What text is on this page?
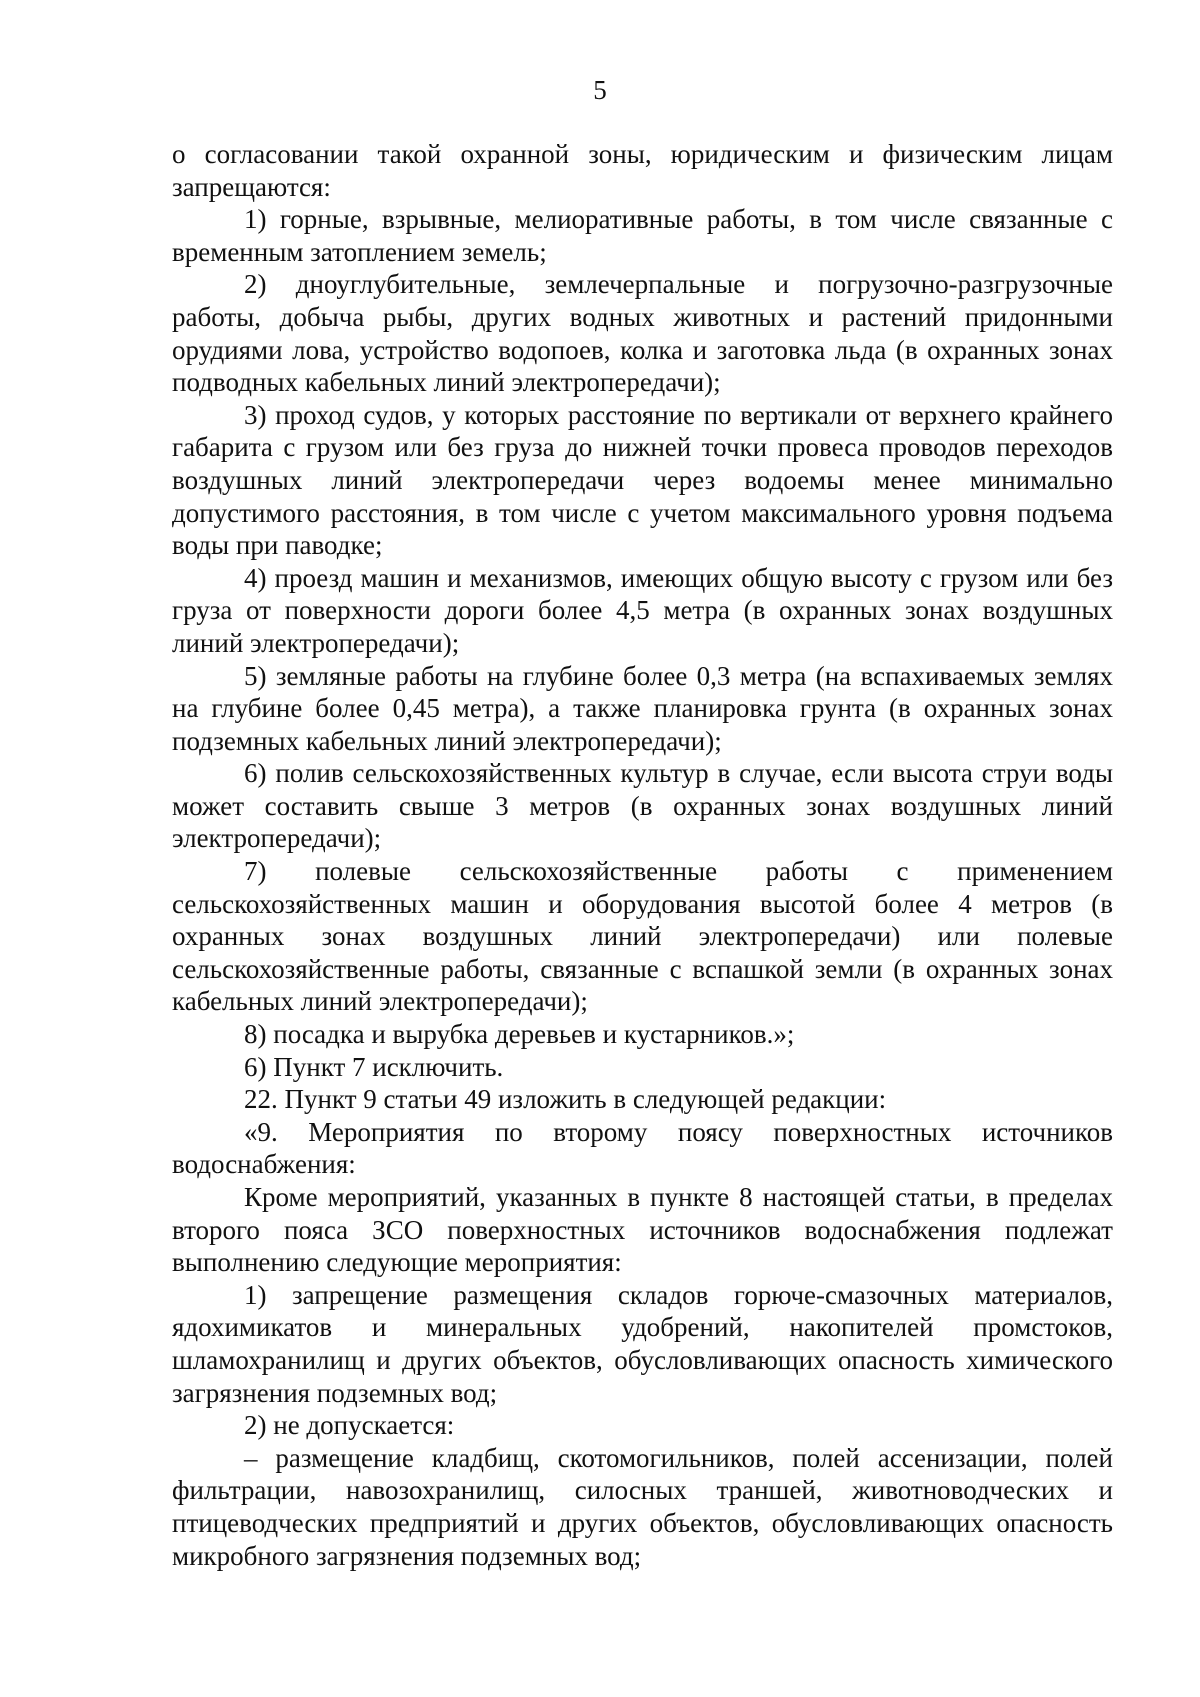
5

о согласовании такой охранной зоны, юридическим и физическим лицам запрещаются:

1) горные, взрывные, мелиоративные работы, в том числе связанные с временным затоплением земель;

2) дноуглубительные, землечерпальные и погрузочно-разгрузочные работы, добыча рыбы, других водных животных и растений придонными орудиями лова, устройство водопоев, колка и заготовка льда (в охранных зонах подводных кабельных линий электропередачи);

3) проход судов, у которых расстояние по вертикали от верхнего крайнего габарита с грузом или без груза до нижней точки провеса проводов переходов воздушных линий электропередачи через водоемы менее минимально допустимого расстояния, в том числе с учетом максимального уровня подъема воды при паводке;

4) проезд машин и механизмов, имеющих общую высоту с грузом или без груза от поверхности дороги более 4,5 метра (в охранных зонах воздушных линий электропередачи);

5) земляные работы на глубине более 0,3 метра (на вспахиваемых землях на глубине более 0,45 метра), а также планировка грунта (в охранных зонах подземных кабельных линий электропередачи);

6) полив сельскохозяйственных культур в случае, если высота струи воды может составить свыше 3 метров (в охранных зонах воздушных линий электропередачи);

7) полевые сельскохозяйственные работы с применением сельскохозяйственных машин и оборудования высотой более 4 метров (в охранных зонах воздушных линий электропередачи) или полевые сельскохозяйственные работы, связанные с вспашкой земли (в охранных зонах кабельных линий электропередачи);

8) посадка и вырубка деревьев и кустарников.»;

6) Пункт 7 исключить.

22. Пункт 9 статьи 49 изложить в следующей редакции:

«9. Мероприятия по второму поясу поверхностных источников водоснабжения:

Кроме мероприятий, указанных в пункте 8 настоящей статьи, в пределах второго пояса ЗСО поверхностных источников водоснабжения подлежат выполнению следующие мероприятия:

1) запрещение размещения складов горюче-смазочных материалов, ядохимикатов и минеральных удобрений, накопителей промстоков, шламохранилищ и других объектов, обусловливающих опасность химического загрязнения подземных вод;

2) не допускается:

– размещение кладбищ, скотомогильников, полей ассенизации, полей фильтрации, навозохранилищ, силосных траншей, животноводческих и птицеводческих предприятий и других объектов, обусловливающих опасность микробного загрязнения подземных вод;
